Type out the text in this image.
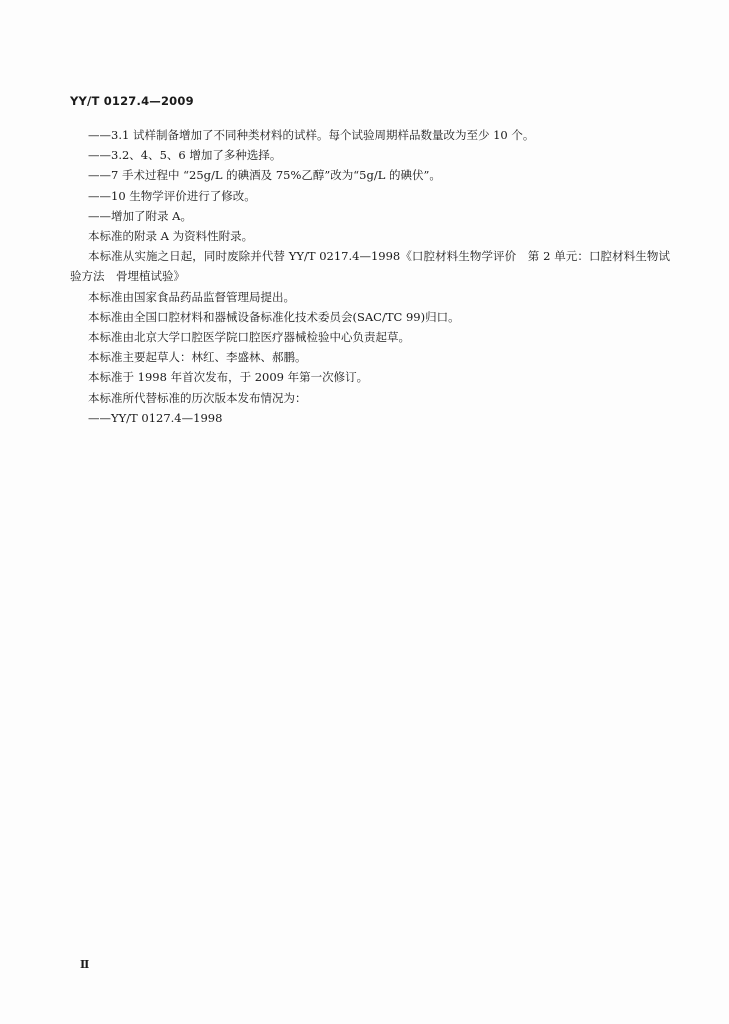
YY/T 0127.4—2009

——3.1 试样制备增加了不同种类材料的试样。每个试验周期样品数量改为至少 10 个。

——3.2、4、5、6 增加了多种选择。

——7 手术过程中 “25g/L 的碘酒及 75%乙醇”改为“5g/L 的碘伏”。

——10 生物学评价进行了修改。

——增加了附录 A。

本标准的附录 A 为资料性附录。

本标准从实施之日起，同时废除并代替 YY/T 0217.4—1998《口腔材料生物学评价　第 2 单元：口腔材料生物试验方法　骨埋植试验》

本标准由国家食品药品监督管理局提出。

本标准由全国口腔材料和器械设备标准化技术委员会(SAC/TC 99)归口。

本标准由北京大学口腔医学院口腔医疗器械检验中心负责起草。

本标准主要起草人：林红、李盛林、郝鹏。

本标准于 1998 年首次发布，于 2009 年第一次修订。

本标准所代替标准的历次版本发布情况为：

——YY/T 0127.4—1998

Ⅱ
